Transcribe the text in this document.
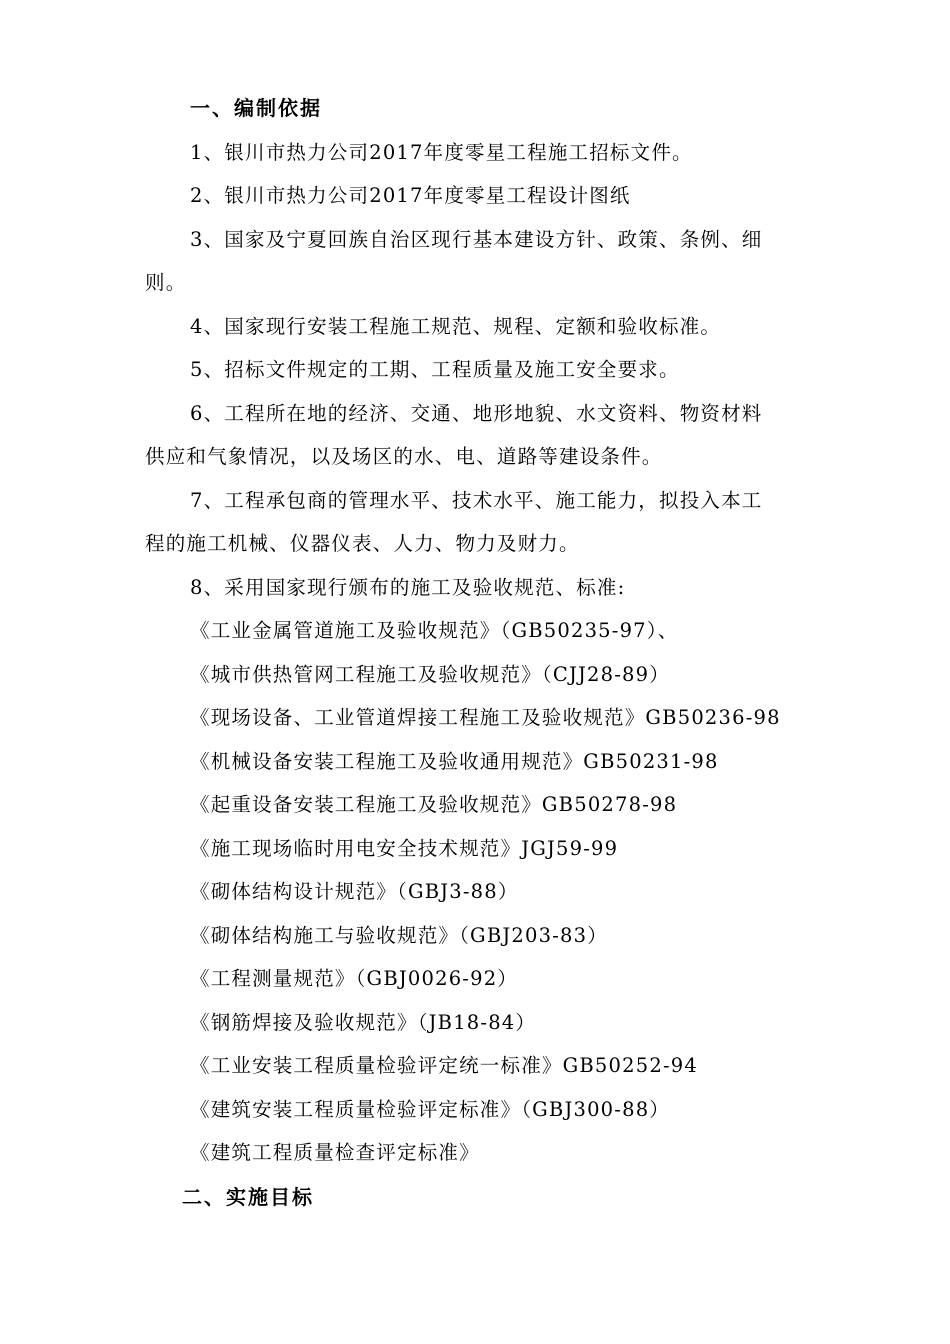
一、编制依据
1、银川市热力公司2017年度零星工程施工招标文件。
2、银川市热力公司2017年度零星工程设计图纸
3、国家及宁夏回族自治区现行基本建设方针、政策、条例、细
则。
4、国家现行安装工程施工规范、规程、定额和验收标准。
5、招标文件规定的工期、工程质量及施工安全要求。
6、工程所在地的经济、交通、地形地貌、水文资料、物资材料
供应和气象情况，以及场区的水、电、道路等建设条件。
7、工程承包商的管理水平、技术水平、施工能力，拟投入本工
程的施工机械、仪器仪表、人力、物力及财力。
8、采用国家现行颁布的施工及验收规范、标准:
《工业金属管道施工及验收规范》（GB50235-97）、
《城市供热管网工程施工及验收规范》（CJJ28-89）
《现场设备、工业管道焊接工程施工及验收规范》GB50236-98
《机械设备安装工程施工及验收通用规范》GB50231-98
《起重设备安装工程施工及验收规范》GB50278-98
《施工现场临时用电安全技术规范》JGJ59-99
《砌体结构设计规范》（GBJ3-88）
《砌体结构施工与验收规范》（GBJ203-83）
《工程测量规范》（GBJ0026-92）
《钢筋焊接及验收规范》（JB18-84）
《工业安装工程质量检验评定统一标准》GB50252-94
《建筑安装工程质量检验评定标准》（GBJ300-88）
《建筑工程质量检查评定标准》
二、实施目标
